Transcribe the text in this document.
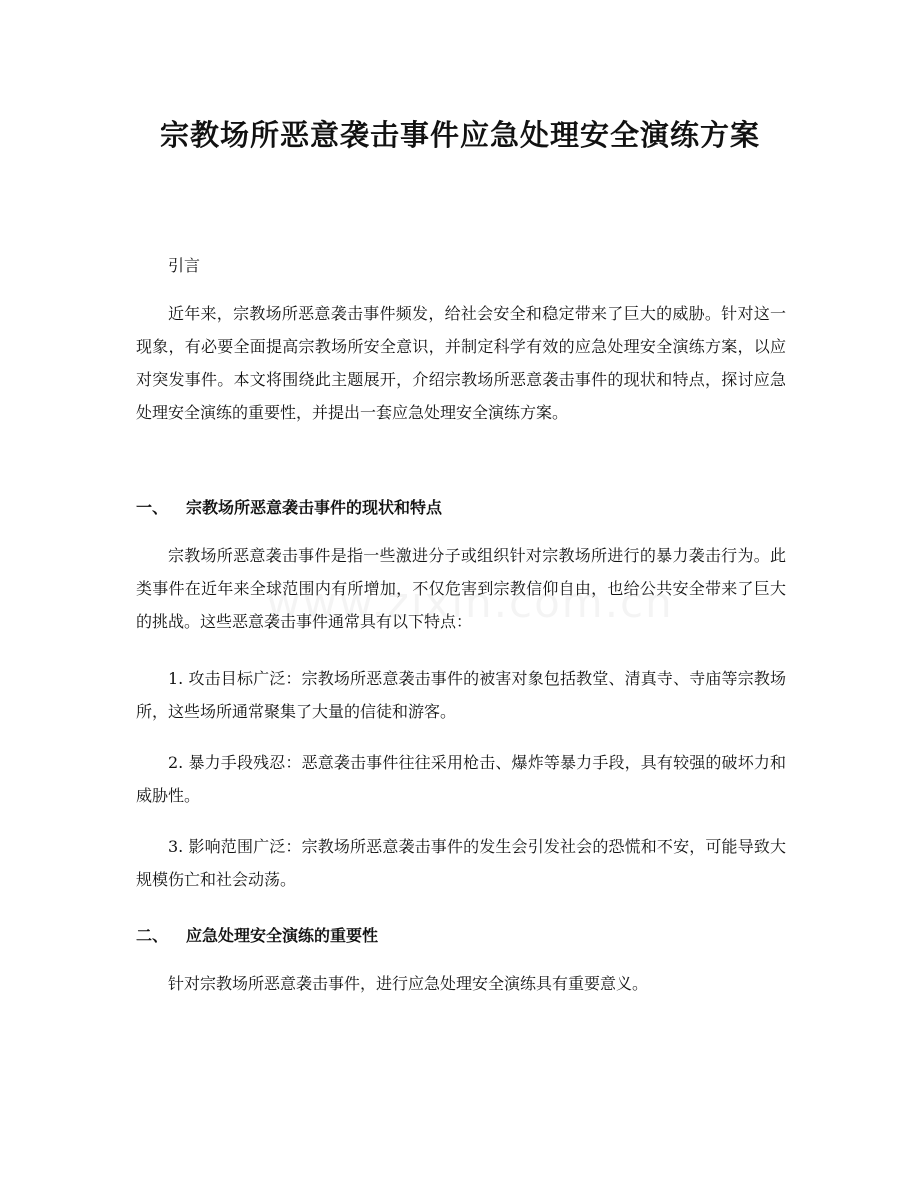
宗教场所恶意袭击事件应急处理安全演练方案

引言

近年来，宗教场所恶意袭击事件频发，给社会安全和稳定带来了巨大的威胁。针对这一现象，有必要全面提高宗教场所安全意识，并制定科学有效的应急处理安全演练方案，以应对突发事件。本文将围绕此主题展开，介绍宗教场所恶意袭击事件的现状和特点，探讨应急处理安全演练的重要性，并提出一套应急处理安全演练方案。

一、 宗教场所恶意袭击事件的现状和特点

宗教场所恶意袭击事件是指一些激进分子或组织针对宗教场所进行的暴力袭击行为。此类事件在近年来全球范围内有所增加，不仅危害到宗教信仰自由，也给公共安全带来了巨大的挑战。这些恶意袭击事件通常具有以下特点：

1. 攻击目标广泛：宗教场所恶意袭击事件的被害对象包括教堂、清真寺、寺庙等宗教场所，这些场所通常聚集了大量的信徒和游客。

2. 暴力手段残忍：恶意袭击事件往往采用枪击、爆炸等暴力手段，具有较强的破坏力和威胁性。

3. 影响范围广泛：宗教场所恶意袭击事件的发生会引发社会的恐慌和不安，可能导致大规模伤亡和社会动荡。

二、 应急处理安全演练的重要性

针对宗教场所恶意袭击事件，进行应急处理安全演练具有重要意义。
